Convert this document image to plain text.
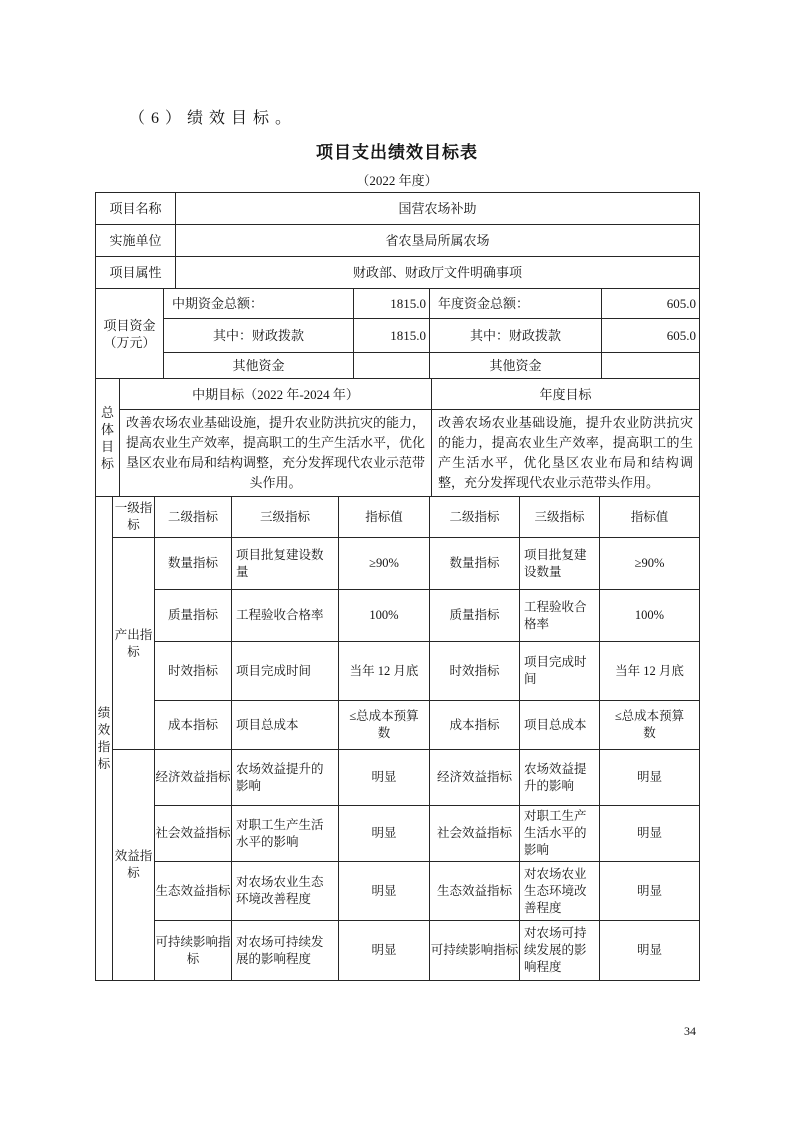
（6）绩效目标。
项目支出绩效目标表
（2022 年度）
项目名称	国营农场补助
实施单位	省农垦局所属农场
项目属性	财政部、财政厅文件明确事项
项目资金（万元）	中期资金总额：	1815.0	年度资金总额：	605.0
	其中：财政拨款	1815.0	其中：财政拨款	605.0
	其他资金		其他资金	
总体目标	中期目标（2022 年-2024 年）	年度目标
	改善农场农业基础设施，提升农业防洪抗灾的能力，提高农业生产效率，提高职工的生产生活水平，优化垦区农业布局和结构调整，充分发挥现代农业示范带头作用。	改善农场农业基础设施，提升农业防洪抗灾的能力，提高农业生产效率，提高职工的生产生活水平，优化垦区农业布局和结构调整，充分发挥现代农业示范带头作用。
绩效指标	一级指标	二级指标	三级指标	指标值	二级指标	三级指标	指标值
	产出指标	数量指标	项目批复建设数量	≥90%	数量指标	项目批复建设数量	≥90%
		质量指标	工程验收合格率	100%	质量指标	工程验收合格率	100%
		时效指标	项目完成时间	当年 12 月底	时效指标	项目完成时间	当年 12 月底
		成本指标	项目总成本	≤总成本预算数	成本指标	项目总成本	≤总成本预算数
	效益指标	经济效益指标	农场效益提升的影响	明显	经济效益指标	农场效益提升的影响	明显
		社会效益指标	对职工生产生活水平的影响	明显	社会效益指标	对职工生产生活水平的影响	明显
		生态效益指标	对农场农业生态环境改善程度	明显	生态效益指标	对农场农业生态环境改善程度	明显
		可持续影响指标	对农场可持续发展的影响程度	明显	可持续影响指标	对农场可持续发展的影响程度	明显
34
